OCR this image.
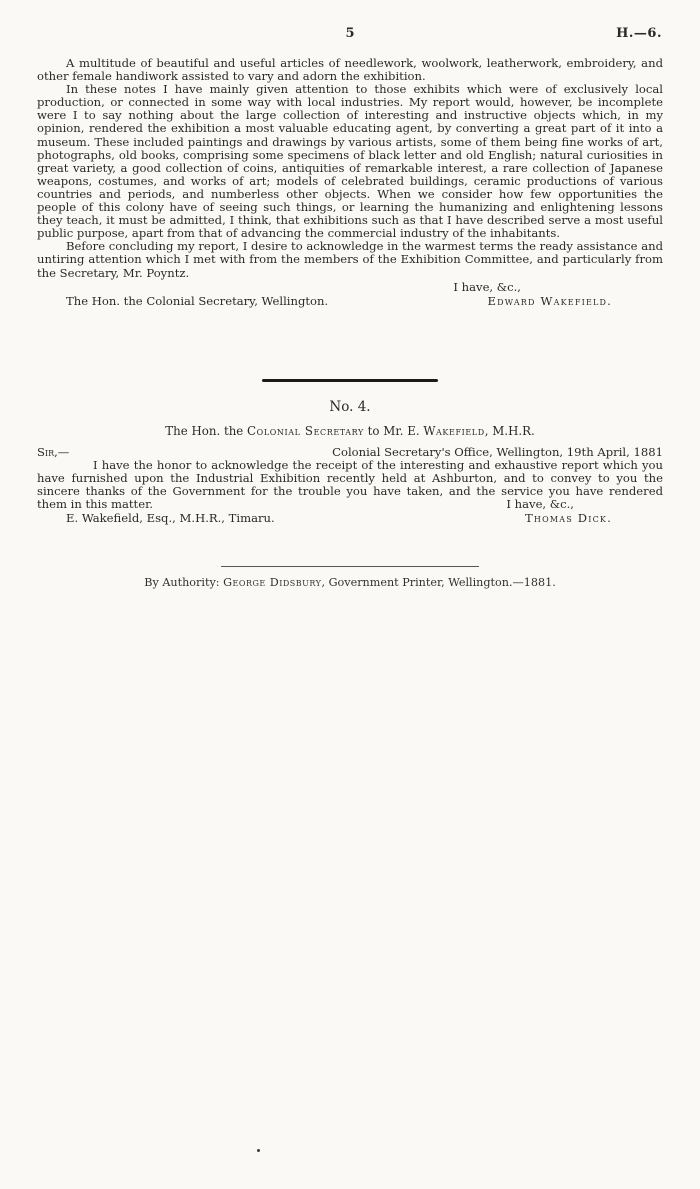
5	H.—6.

A multitude of beautiful and useful articles of needlework, woolwork, leatherwork, embroidery, and other female handiwork assisted to vary and adorn the exhibition.

In these notes I have mainly given attention to those exhibits which were of exclusively local production, or connected in some way with local industries. My report would, however, be incomplete were I to say nothing about the large collection of interesting and instructive objects which, in my opinion, rendered the exhibition a most valuable educating agent, by converting a great part of it into a museum. These included paintings and drawings by various artists, some of them being fine works of art, photographs, old books, comprising some specimens of black letter and old English; natural curiosities in great variety, a good collection of coins, antiquities of remarkable interest, a rare collection of Japanese weapons, costumes, and works of art; models of celebrated buildings, ceramic productions of various countries and periods, and numberless other objects. When we consider how few opportunities the people of this colony have of seeing such things, or learning the humanizing and enlightening lessons they teach, it must be admitted, I think, that exhibitions such as that I have described serve a most useful public purpose, apart from that of advancing the commercial industry of the inhabitants.

Before concluding my report, I desire to acknowledge in the warmest terms the ready assistance and untiring attention which I met with from the members of the Exhibition Committee, and particularly from the Secretary, Mr. Poyntz.

I have, &c.,
The Hon. the Colonial Secretary, Wellington.	Edward Wakefield.
No. 4.
The Hon. the Colonial Secretary to Mr. E. Wakefield, M.H.R.
Sir,—	Colonial Secretary's Office, Wellington, 19th April, 1881

I have the honor to acknowledge the receipt of the interesting and exhaustive report which you have furnished upon the Industrial Exhibition recently held at Ashburton, and to convey to you the sincere thanks of the Government for the trouble you have taken, and the service you have rendered them in this matter.	I have, &c.,
E. Wakefield, Esq., M.H.R., Timaru.	Thomas Dick.
By Authority: George Didsbury, Government Printer, Wellington.—1881.
